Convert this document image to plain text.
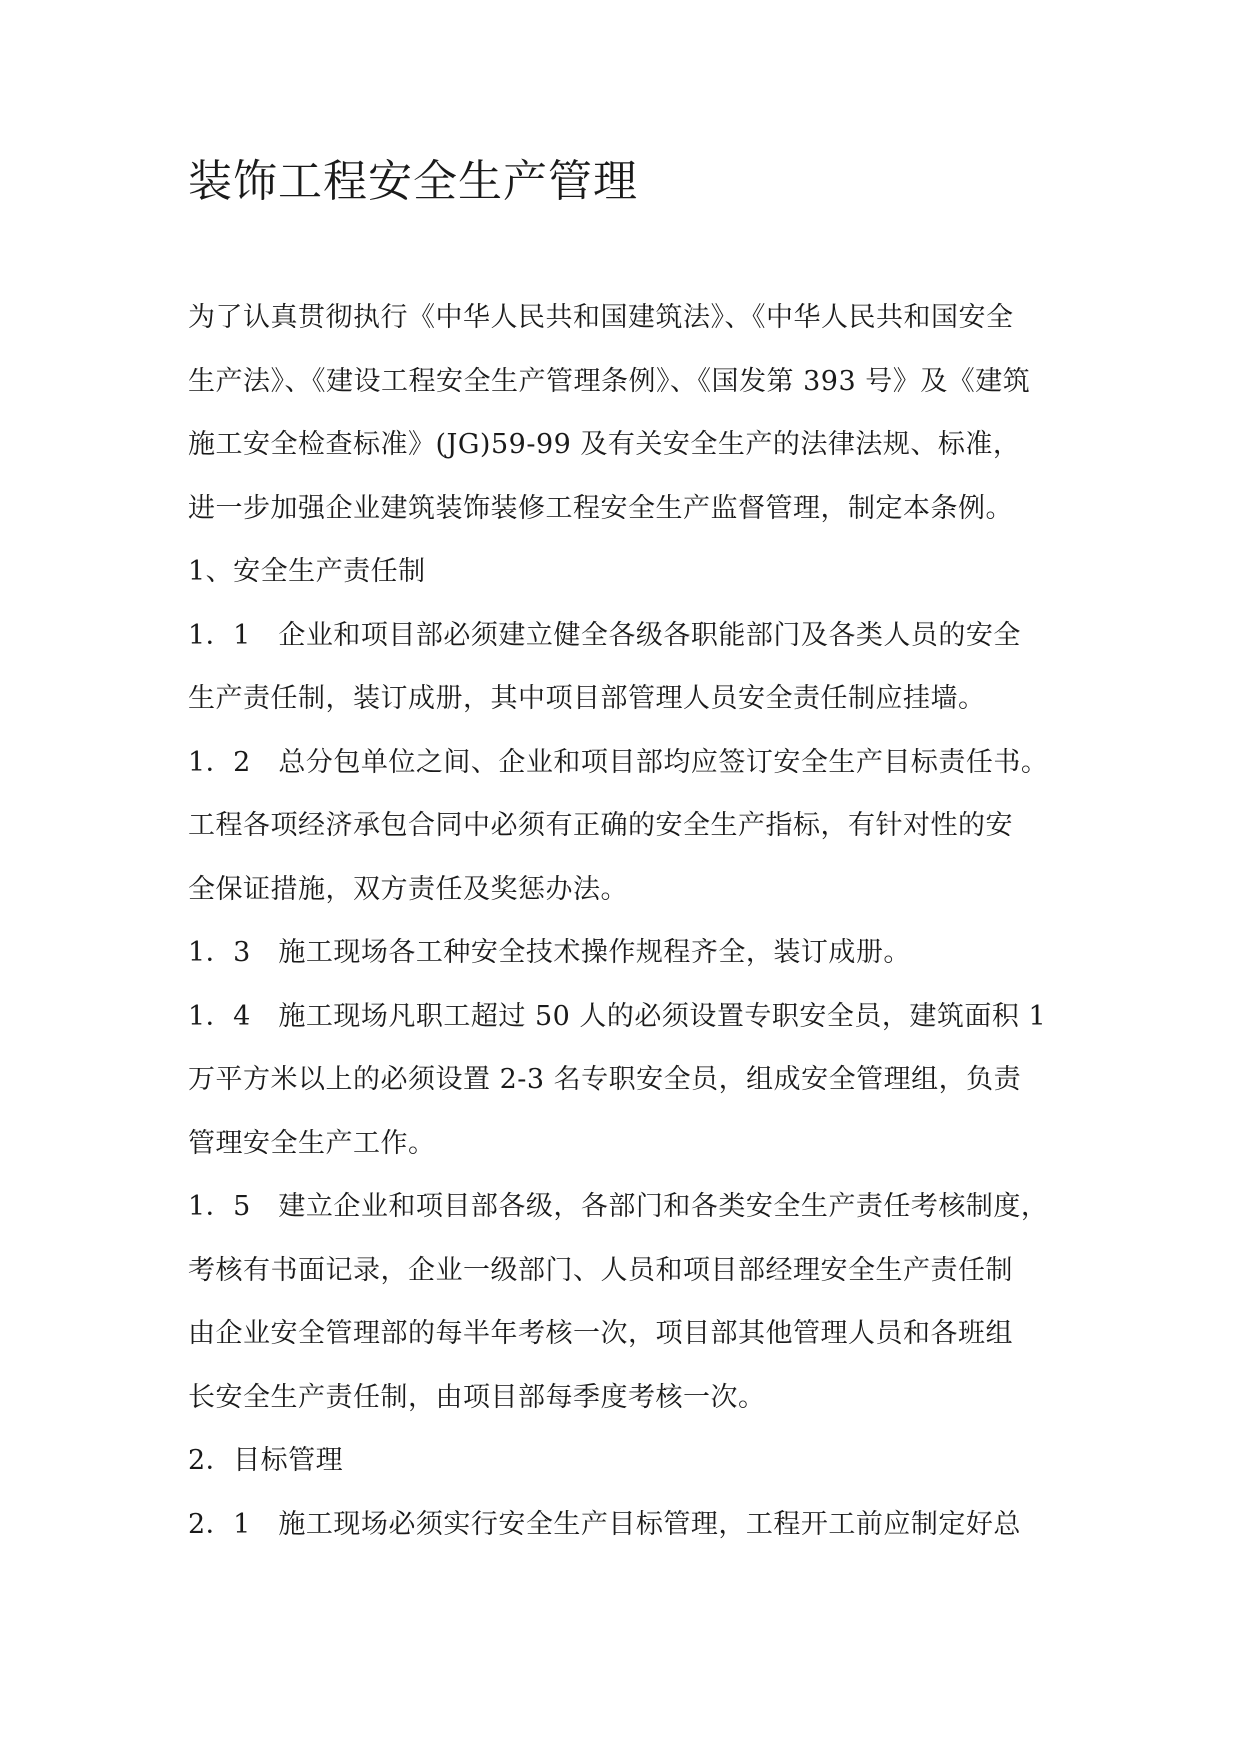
装饰工程安全生产管理

为了认真贯彻执行《中华人民共和国建筑法》、《中华人民共和国安全

生产法》、《建设工程安全生产管理条例》、《国发第 393 号》及《建筑

施工安全检查标准》(JG)59-99 及有关安全生产的法律法规、标准，

进一步加强企业建筑装饰装修工程安全生产监督管理，制定本条例。

1、安全生产责任制

1．1　企业和项目部必须建立健全各级各职能部门及各类人员的安全

生产责任制，装订成册，其中项目部管理人员安全责任制应挂墙。

1．2　总分包单位之间、企业和项目部均应签订安全生产目标责任书。

工程各项经济承包合同中必须有正确的安全生产指标，有针对性的安

全保证措施，双方责任及奖惩办法。

1．3　施工现场各工种安全技术操作规程齐全，装订成册。

1．4　施工现场凡职工超过 50 人的必须设置专职安全员，建筑面积 1

万平方米以上的必须设置 2-3 名专职安全员，组成安全管理组，负责

管理安全生产工作。

1．5　建立企业和项目部各级，各部门和各类安全生产责任考核制度，

考核有书面记录，企业一级部门、人员和项目部经理安全生产责任制

由企业安全管理部的每半年考核一次，项目部其他管理人员和各班组

长安全生产责任制，由项目部每季度考核一次。

2．目标管理

2．1　施工现场必须实行安全生产目标管理，工程开工前应制定好总
